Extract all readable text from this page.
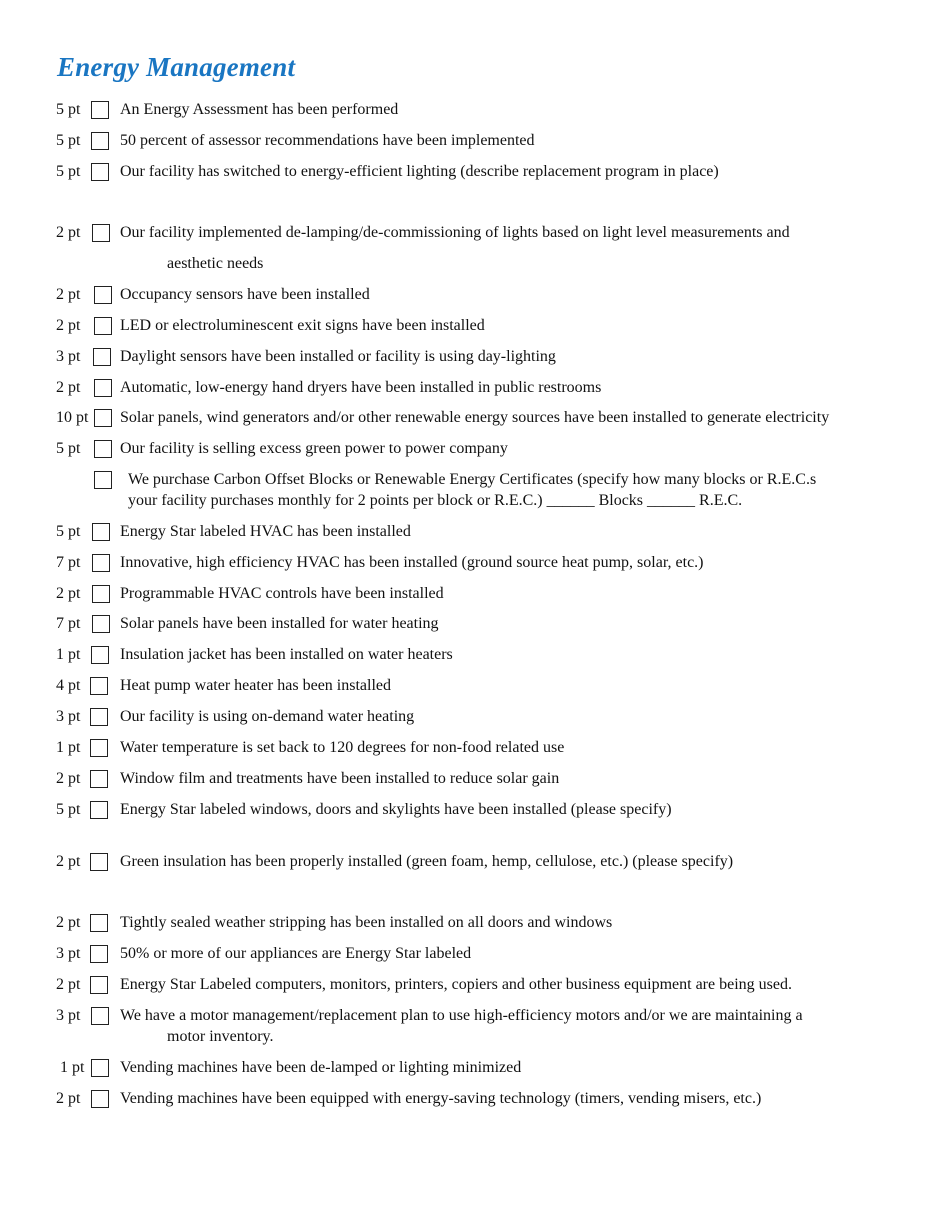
Energy Management
5 pt An Energy Assessment has been performed
5 pt 50 percent of assessor recommendations have been implemented
5 pt Our facility has switched to energy-efficient lighting (describe replacement program in place)
2 pt Our facility implemented de-lamping/de-commissioning of lights based on light level measurements and
aesthetic needs
2 pt Occupancy sensors have been installed
2 pt LED or electroluminescent exit signs have been installed
3 pt Daylight sensors have been installed or facility is using day-lighting
2 pt Automatic, low-energy hand dryers have been installed in public restrooms
10 pt Solar panels, wind generators and/or other renewable energy sources have been installed to generate electricity
5 pt Our facility is selling excess green power to power company
We purchase Carbon Offset Blocks or Renewable Energy Certificates (specify how many blocks or R.E.C.s
your facility purchases monthly for 2 points per block or R.E.C.) ______ Blocks ______ R.E.C.
5 pt Energy Star labeled HVAC has been installed
7 pt Innovative, high efficiency HVAC has been installed (ground source heat pump, solar, etc.)
2 pt Programmable HVAC controls have been installed
7 pt Solar panels have been installed for water heating
1 pt Insulation jacket has been installed on water heaters
4 pt Heat pump water heater has been installed
3 pt Our facility is using on-demand water heating
1 pt Water temperature is set back to 120 degrees for non-food related use
2 pt Window film and treatments have been installed to reduce solar gain
5 pt Energy Star labeled windows, doors and skylights have been installed (please specify)
2 pt Green insulation has been properly installed (green foam, hemp, cellulose, etc.) (please specify)
2 pt Tightly sealed weather stripping has been installed on all doors and windows
3 pt 50% or more of our appliances are Energy Star labeled
2 pt Energy Star Labeled computers, monitors, printers, copiers and other business equipment are being used.
3 pt We have a motor management/replacement plan to use high-efficiency motors and/or we are maintaining a
motor inventory.
1 pt Vending machines have been de-lamped or lighting minimized
2 pt Vending machines have been equipped with energy-saving technology (timers, vending misers, etc.)
